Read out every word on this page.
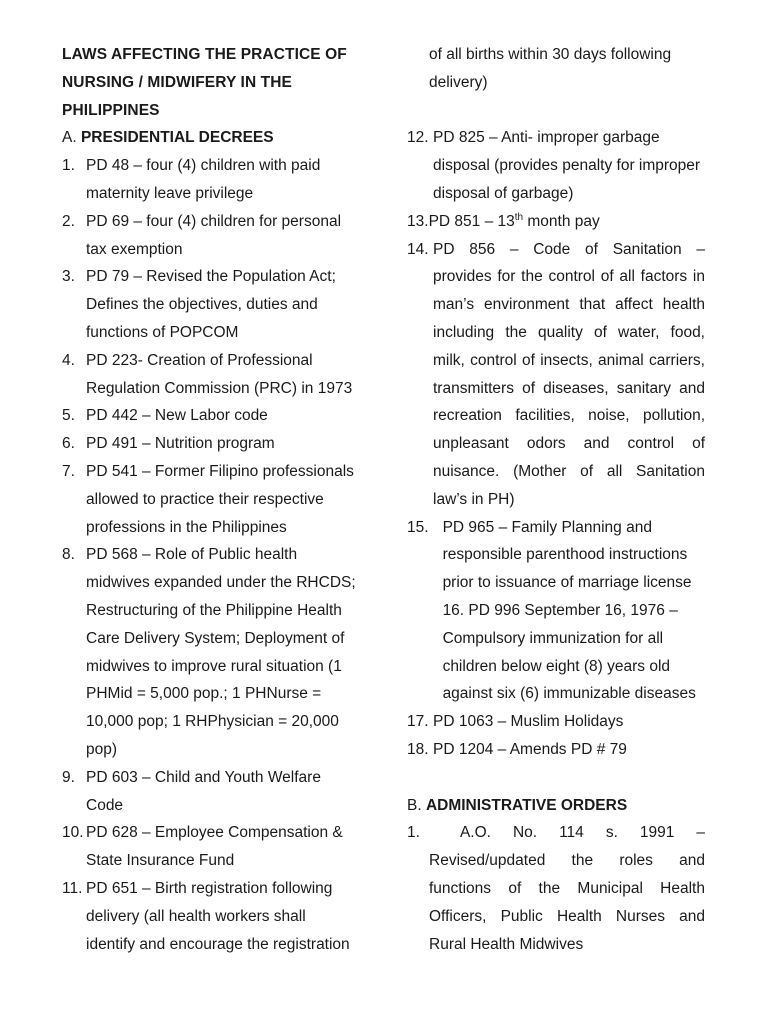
LAWS AFFECTING THE PRACTICE OF
NURSING / MIDWIFERY IN THE
PHILIPPINES
A. PRESIDENTIAL DECREES
1. PD 48 – four (4) children with paid
maternity leave privilege
2. PD 69 – four (4) children for personal
tax exemption
3. PD 79 – Revised the Population Act;
Defines the objectives, duties and
functions of POPCOM
4. PD 223- Creation of Professional
Regulation Commission (PRC) in 1973
5. PD 442 – New Labor code
6. PD 491 – Nutrition program
7. PD 541 – Former Filipino professionals
allowed to practice their respective
professions in the Philippines
8. PD 568 – Role of Public health
midwives expanded under the RHCDS;
Restructuring of the Philippine Health
Care Delivery System; Deployment of
midwives to improve rural situation (1
PHMid = 5,000 pop.; 1 PHNurse =
10,000 pop; 1 RHPhysician = 20,000
pop)
9. PD 603 – Child and Youth Welfare
Code
10. PD 628 – Employee Compensation &
State Insurance Fund
11. PD 651 – Birth registration following
delivery (all health workers shall
identify and encourage the registration
of all births within 30 days following
delivery)
12. PD 825 – Anti- improper garbage
disposal (provides penalty for improper
disposal of garbage)
13. PD 851 – 13th month pay
14. PD 856 – Code of Sanitation –
provides for the control of all factors in
man’s environment that affect health
including the quality of water, food,
milk, control of insects, animal carriers,
transmitters of diseases, sanitary and
recreation facilities, noise, pollution,
unpleasant odors and control of
nuisance. (Mother of all Sanitation
law’s in PH)
15. PD 965 – Family Planning and
responsible parenthood instructions
prior to issuance of marriage license
16. PD 996 September 16, 1976 –
Compulsory immunization for all
children below eight (8) years old
against six (6) immunizable diseases
17. PD 1063 – Muslim Holidays
18. PD 1204 – Amends PD # 79
B. ADMINISTRATIVE ORDERS
1.	A.O. No. 114 s. 1991 –
Revised/updated the roles and
functions of the Municipal Health
Officers, Public Health Nurses and
Rural Health Midwives
